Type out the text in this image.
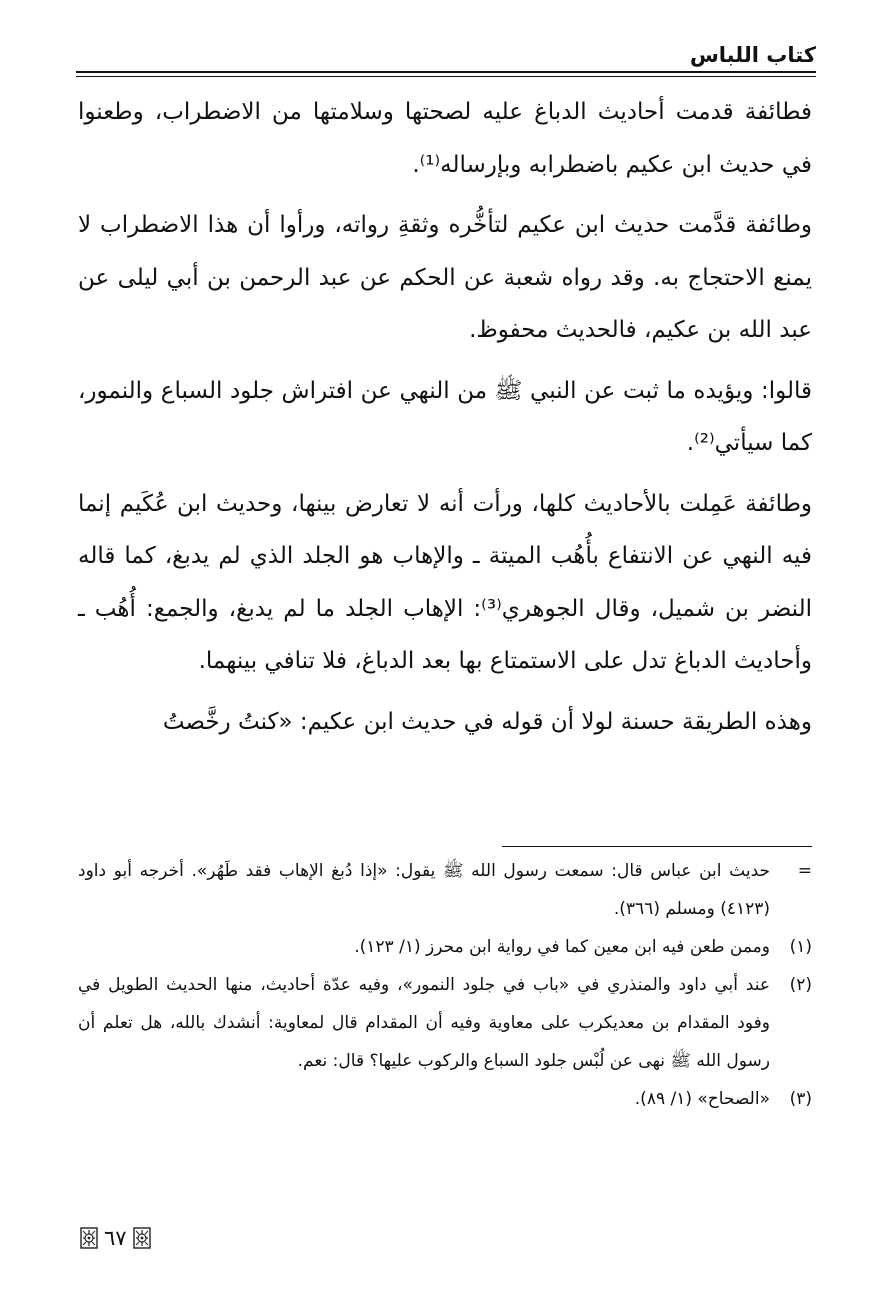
كتاب اللباس

فطائفة قدمت أحاديث الدباغ عليه لصحتها وسلامتها من الاضطراب، وطعنوا في حديث ابن عكيم باضطرابه وبإرساله⁽¹⁾.

وطائفة قدَّمت حديث ابن عكيم لتأخُّره وثقةِ رواته، ورأوا أن هذا الاضطراب لا يمنع الاحتجاج به. وقد رواه شعبة عن الحكم عن عبد الرحمن بن أبي ليلى عن عبد الله بن عكيم، فالحديث محفوظ.

قالوا: ويؤيده ما ثبت عن النبي ﷺ من النهي عن افتراش جلود السباع والنمور، كما سيأتي⁽²⁾.

وطائفة عَمِلت بالأحاديث كلها، ورأت أنه لا تعارض بينها، وحديث ابن عُكَيم إنما فيه النهي عن الانتفاع بأُهُب الميتة ـ والإهاب هو الجلد الذي لم يدبغ، كما قاله النضر بن شميل، وقال الجوهري⁽³⁾: الإهاب الجلد ما لم يدبغ، والجمع: أُهُب ـ وأحاديث الدباغ تدل على الاستمتاع بها بعد الدباغ، فلا تنافي بينهما.

وهذه الطريقة حسنة لولا أن قوله في حديث ابن عكيم: «كنتُ رخَّصتُ

=
حديث ابن عباس قال: سمعت رسول الله ﷺ يقول: «إذا دُبغ الإهاب فقد طَهُر». أخرجه أبو داود (٤١٢٣) ومسلم (٣٦٦).
(١)
وممن طعن فيه ابن معين كما في رواية ابن محرز (١/ ١٢٣).
(٢)
عند أبي داود والمنذري في «باب في جلود النمور»، وفيه عدّة أحاديث، منها الحديث الطويل في وفود المقدام بن معديكرب على معاوية وفيه أن المقدام قال لمعاوية: أنشدك بالله، هل تعلم أن رسول الله ﷺ نهى عن لُبْس جلود السباع والركوب عليها؟ قال: نعم.
(٣)
«الصحاح» (١/ ٨٩).
٦٧
